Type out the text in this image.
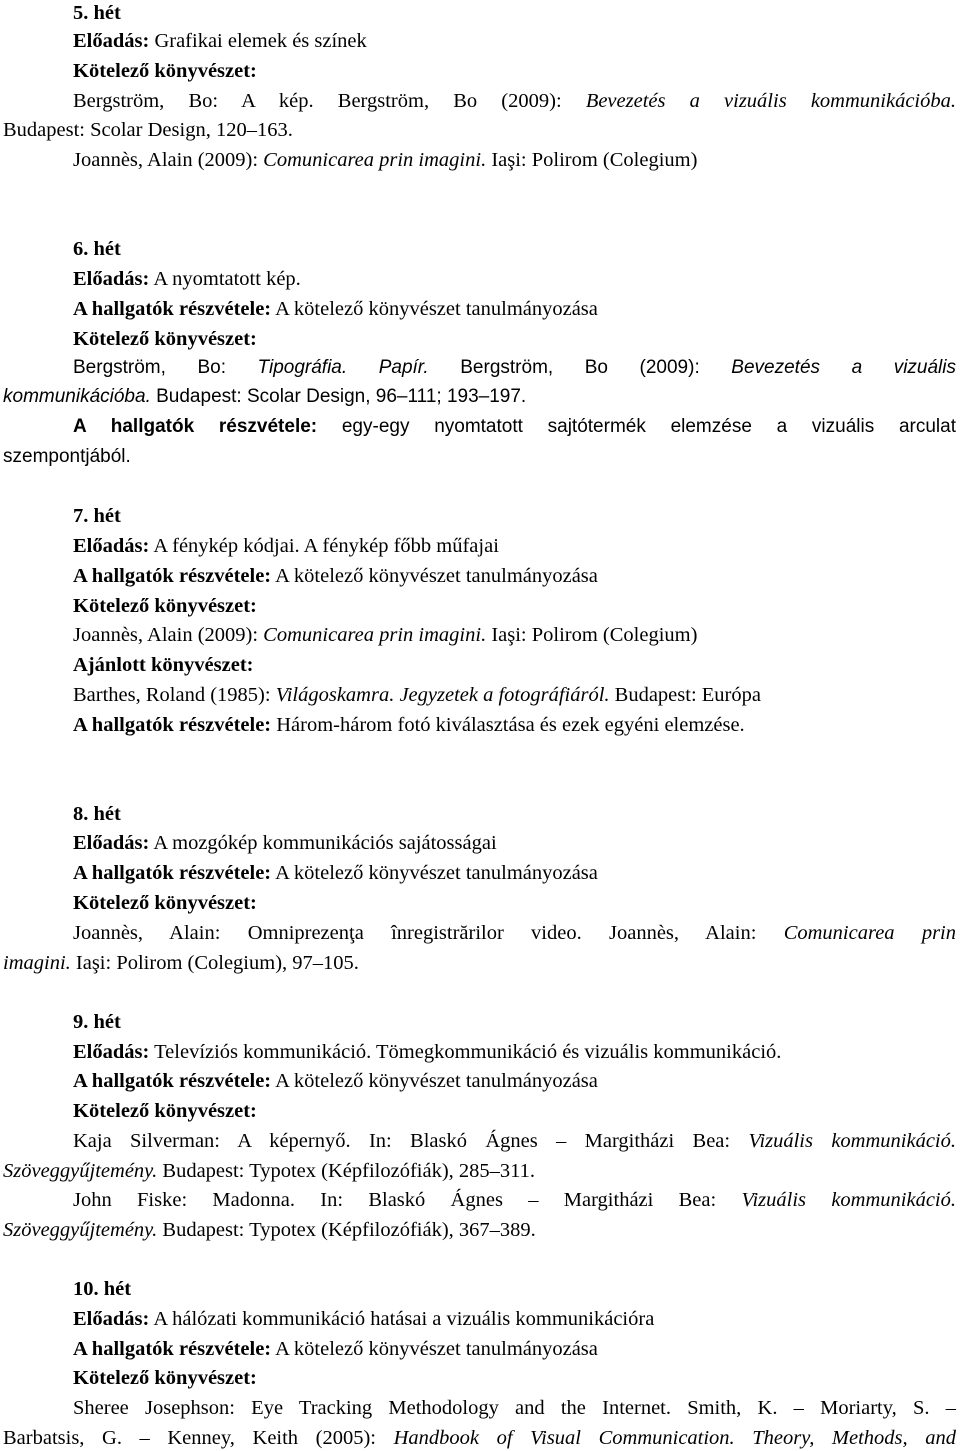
5. hét
Előadás: Grafikai elemek és színek
Kötelező könyvészet:
Bergström, Bo: A kép. Bergström, Bo (2009): Bevezetés a vizuális kommunikációba.
Budapest: Scolar Design, 120–163.
Joannès, Alain (2009): Comunicarea prin imagini. Iaşi: Polirom (Colegium)
6. hét
Előadás: A nyomtatott kép.
A hallgatók részvétele: A kötelező könyvészet tanulmányozása
Kötelező könyvészet:
Bergström, Bo: Tipográfia. Papír. Bergström, Bo (2009): Bevezetés a vizuális
kommunikációba. Budapest: Scolar Design, 96–111; 193–197.
A hallgatók részvétele: egy-egy nyomtatott sajtótermék elemzése a vizuális arculat
szempontjából.
7. hét
Előadás: A fénykép kódjai. A fénykép főbb műfajai
A hallgatók részvétele: A kötelező könyvészet tanulmányozása
Kötelező könyvészet:
Joannès, Alain (2009): Comunicarea prin imagini. Iaşi: Polirom (Colegium)
Ajánlott könyvészet:
Barthes, Roland (1985): Világoskamra. Jegyzetek a fotográfiáról. Budapest: Európa
A hallgatók részvétele: Három-három fotó kiválasztása és ezek egyéni elemzése.
8. hét
Előadás: A mozgókép kommunikációs sajátosságai
A hallgatók részvétele: A kötelező könyvészet tanulmányozása
Kötelező könyvészet:
Joannès, Alain: Omniprezenţa înregistrărilor video. Joannès, Alain: Comunicarea prin
imagini. Iaşi: Polirom (Colegium), 97–105.
9. hét
Előadás: Televíziós kommunikáció. Tömegkommunikáció és vizuális kommunikáció.
A hallgatók részvétele: A kötelező könyvészet tanulmányozása
Kötelező könyvészet:
Kaja Silverman: A képernyő. In: Blaskó Ágnes – Margitházi Bea: Vizuális kommunikáció.
Szöveggyűjtemény. Budapest: Typotex (Képfilozófiák), 285–311.
John Fiske: Madonna. In: Blaskó Ágnes – Margitházi Bea: Vizuális kommunikáció.
Szöveggyűjtemény. Budapest: Typotex (Képfilozófiák), 367–389.
10. hét
Előadás: A hálózati kommunikáció hatásai a vizuális kommunikációra
A hallgatók részvétele: A kötelező könyvészet tanulmányozása
Kötelező könyvészet:
Sheree Josephson: Eye Tracking Methodology and the Internet. Smith, K. – Moriarty, S. –
Barbatsis, G. – Kenney, Keith (2005): Handbook of Visual Communication. Theory, Methods, and
